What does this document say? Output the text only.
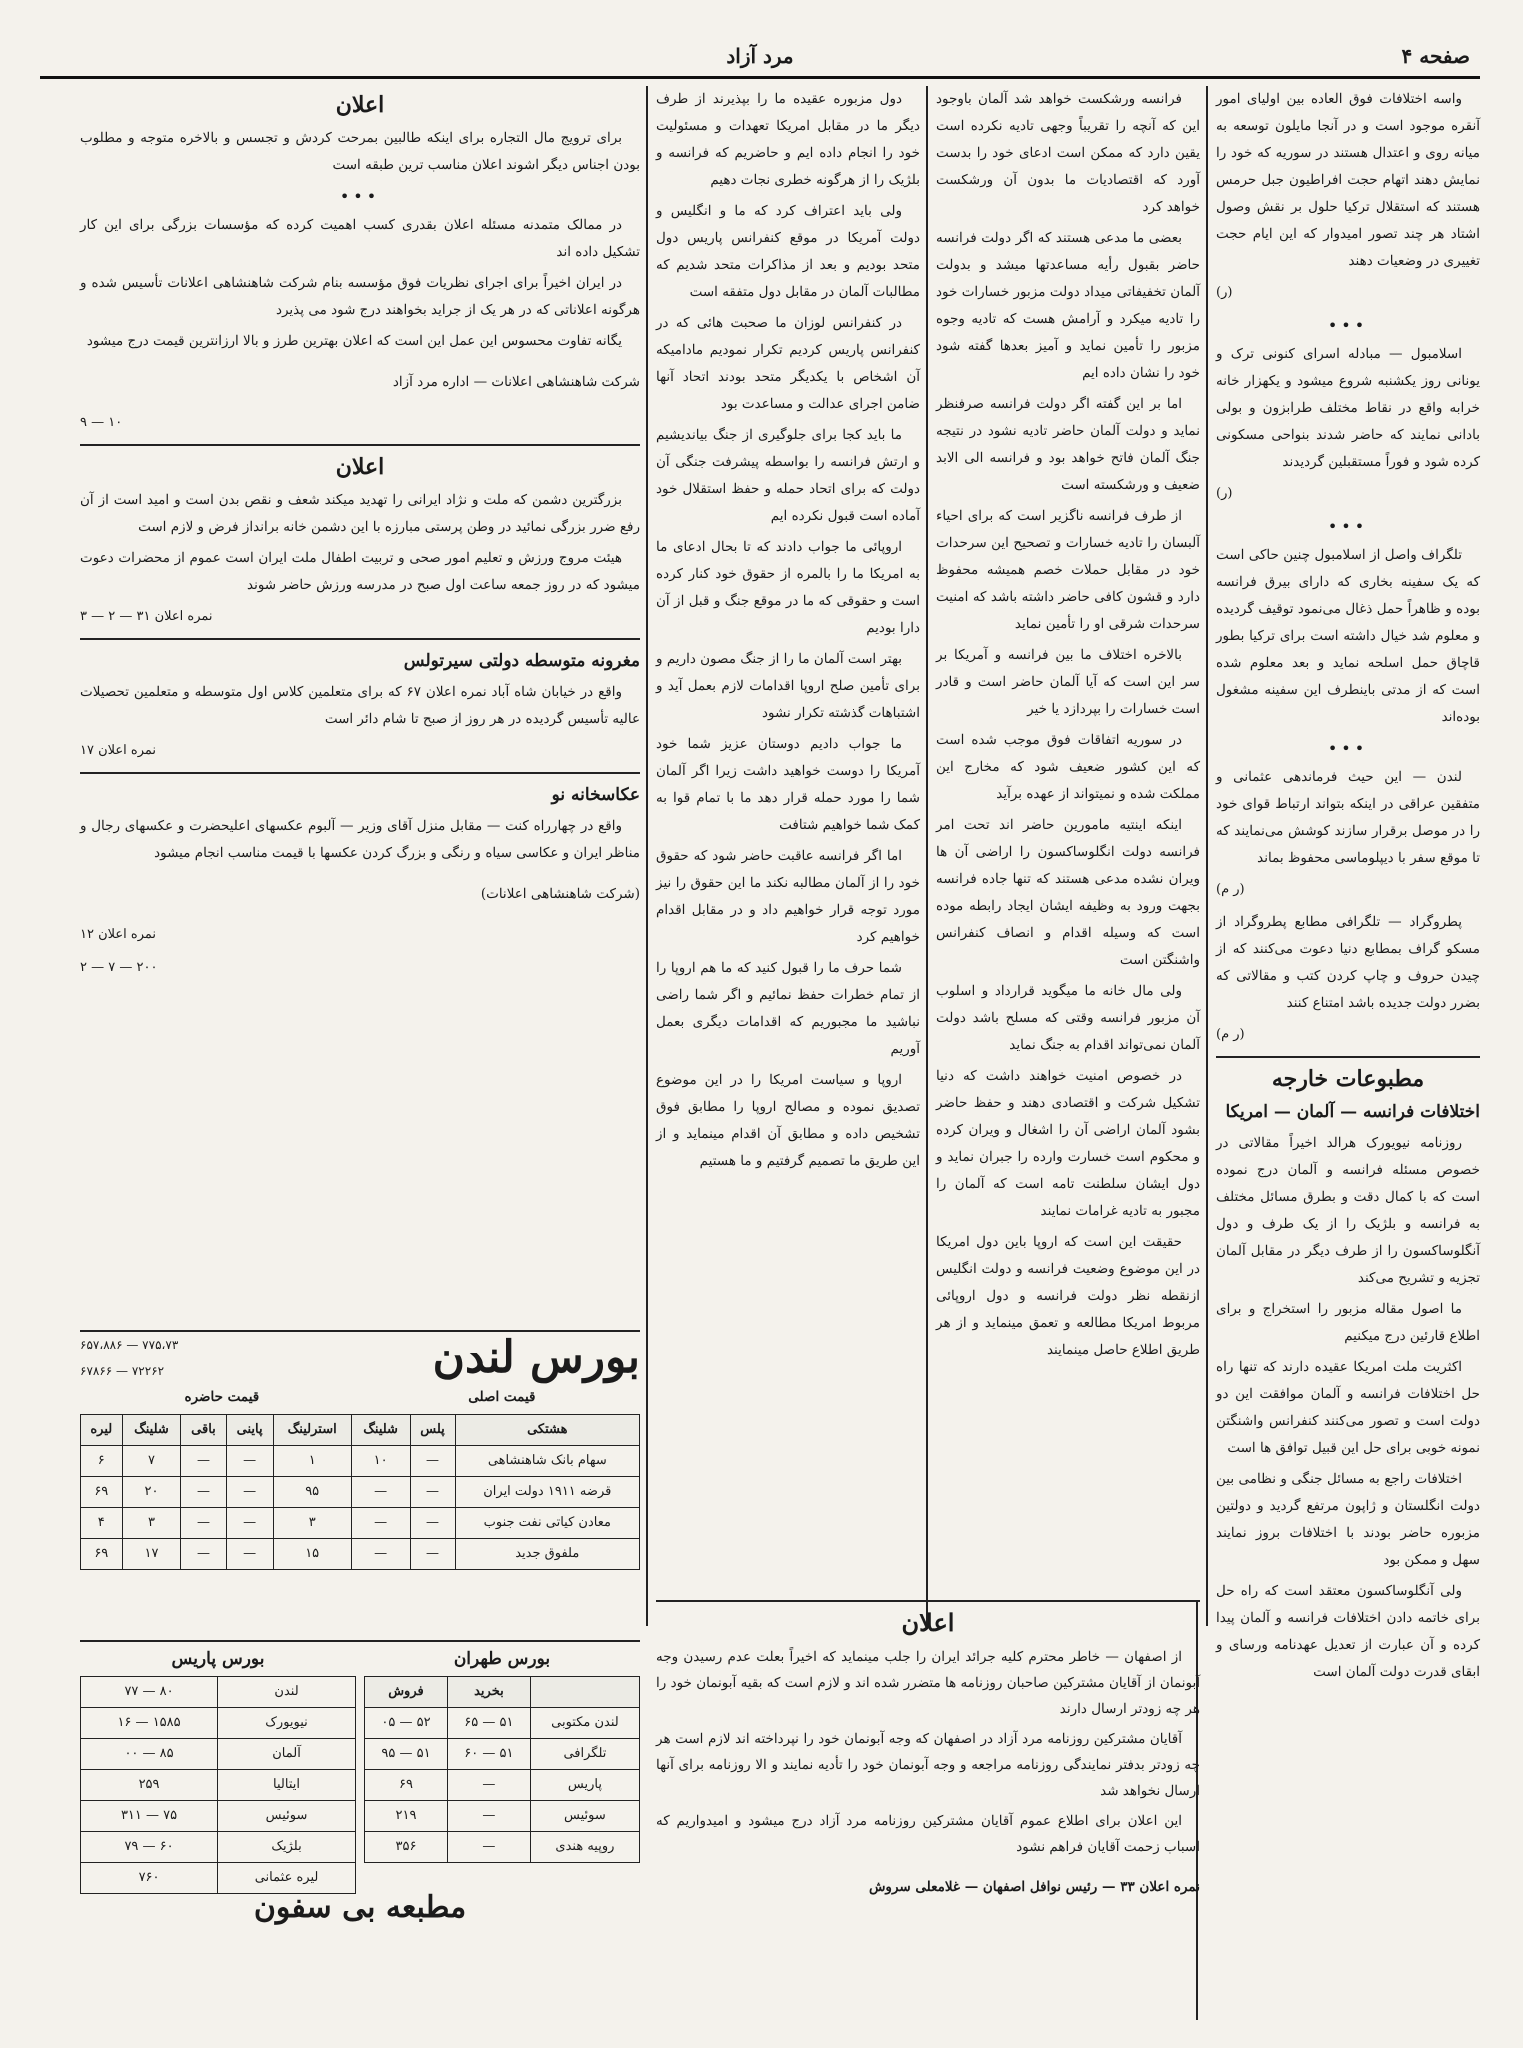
صفحه ۴
مرد آزاد

واسه اختلافات فوق العاده بین اولیای امور آنقره موجود است و در آنجا مایلون توسعه به میانه روی و اعتدال هستند در سوریه که خود را نمایش دهند اتهام حجت افراطیون جبل حرمس هستند که استقلال ترکیا حلول بر نقش وصول اشتاد هر چند تصور امیدوار که این ایام حجت تغییری در وضعیات دهند

(ر)

•••

اسلامبول — مبادله اسرای کنونی ترک و یونانی روز یکشنبه شروع میشود و یکهزار خانه خرابه واقع در نقاط مختلف طرابزون و بولی بادانی نمایند که حاضر شدند بنواحی مسکونی کرده شود و فوراً مستقبلین گردیدند

(ر)

•••

تلگراف واصل از اسلامبول چنین حاکی است که یک سفینه بخاری که دارای بیرق فرانسه بوده و ظاهراً حمل ذغال می‌نمود توقیف گردیده و معلوم شد خیال داشته است برای ترکیا بطور قاچاق حمل اسلحه نماید و بعد معلوم شده است که از مدتی باینطرف این سفینه مشغول بوده‌اند

•••

لندن — این حیث فرماندهی عثمانی و متفقین عراقی در اینکه بتواند ارتباط قوای خود را در موصل برقرار سازند کوشش می‌نمایند که تا موقع سفر با دیپلوماسی محفوظ بماند

(ر م)

پطروگراد — تلگرافی مطابع پطروگراد از مسکو گراف بمطابع دنیا دعوت می‌کنند که از چیدن حروف و چاپ کردن کتب و مقالاتی که بضرر دولت جدیده باشد امتناع کنند

(ر م)

مطبوعات خارجه
اختلافات فرانسه — آلمان — امریکا

روزنامه نیویورک هرالد اخیراً مقالاتی در خصوص مسئله فرانسه و آلمان درج نموده است که با کمال دقت و بطرق مسائل مختلف به فرانسه و بلژیک را از یک طرف و دول آنگلوساکسون را از طرف دیگر در مقابل آلمان تجزیه و تشریح می‌کند

ما اصول مقاله مزبور را استخراج و برای اطلاع قارئین درج میکنیم

اکثریت ملت امریکا عقیده دارند که تنها راه حل اختلافات فرانسه و آلمان موافقت این دو دولت است و تصور می‌کنند کنفرانس واشنگتن نمونه خوبی برای حل این قبیل توافق ها است

اختلافات راجع به مسائل جنگی و نظامی بین دولت انگلستان و ژاپون مرتفع گردید و دولتین مزبوره حاضر بودند با اختلافات بروز نمایند سهل و ممکن بود

ولی آنگلوساکسون معتقد است که راه حل برای خاتمه دادن اختلافات فرانسه و آلمان پیدا کرده و آن عبارت از تعدیل عهدنامه ورسای و ابقای قدرت دولت آلمان است

فرانسه ورشکست خواهد شد آلمان باوجود این که آنچه را تقریباً وجهی تادیه نکرده است یقین دارد که ممکن است ادعای خود را بدست آورد که اقتصادیات ما بدون آن ورشکست خواهد کرد

بعضی ما مدعی هستند که اگر دولت فرانسه حاضر بقبول رأیه مساعدتها میشد و بدولت آلمان تخفیفاتی میداد دولت مزبور خسارات خود را تادیه میکرد و آرامش هست که تادیه وجوه مزبور را تأمین نماید و آمیز بعدها گفته شود خود را نشان داده ایم

اما بر این گفته اگر دولت فرانسه صرفنظر نماید و دولت آلمان حاضر تادیه نشود در نتیجه جنگ آلمان فاتح خواهد بود و فرانسه الی الابد ضعیف و ورشکسته است

از طرف فرانسه ناگزیر است که برای احیاء آلبسان را تادیه خسارات و تصحیح این سرحدات خود در مقابل حملات خصم همیشه محفوظ دارد و قشون کافی حاضر داشته باشد که امنیت سرحدات شرقی او را تأمین نماید

بالاخره اختلاف ما بین فرانسه و آمریکا بر سر این است که آیا آلمان حاضر است و قادر است خسارات را بپردازد یا خیر

در سوریه اتفاقات فوق موجب شده است که این کشور ضعیف شود که مخارج این مملکت شده و نمیتواند از عهده برآید

اینکه اینتیه مامورین حاضر اند تحت امر فرانسه دولت انگلوساکسون را اراضی آن ها ویران نشده مدعی هستند که تنها جاده فرانسه بجهت ورود به وظیفه ایشان ایجاد رابطه موده است که وسیله اقدام و انصاف کنفرانس واشنگتن است

ولی مال خانه ما میگوید قرارداد و اسلوب آن مزبور فرانسه وقتی که مسلح باشد دولت آلمان نمی‌تواند اقدام به جنگ نماید

در خصوص امنیت خواهند داشت که دنیا تشکیل شرکت و اقتصادی دهند و حفظ حاضر بشود آلمان اراضی آن را اشغال و ویران کرده و محکوم است خسارت وارده را جبران نماید و دول ایشان سلطنت تامه است که آلمان را مجبور به تادیه غرامات نمایند

حقیقت این است که اروپا باین دول امریکا در این موضوع وضعیت فرانسه و دولت انگلیس ازنقطه نظر دولت فرانسه و دول اروپائی مربوط امریکا مطالعه و تعمق مینماید و از هر طریق اطلاع حاصل مینمایند

دول مزبوره عقیده ما را بپذیرند از طرف دیگر ما در مقابل امریکا تعهدات و مسئولیت خود را انجام داده ایم و حاضریم که فرانسه و بلژیک را از هرگونه خطری نجات دهیم

ولی باید اعتراف کرد که ما و انگلیس و دولت آمریکا در موقع کنفرانس پاریس دول متحد بودیم و بعد از مذاکرات متحد شدیم که مطالبات آلمان در مقابل دول متفقه است

در کنفرانس لوزان ما صحبت هائی که در کنفرانس پاریس کردیم تکرار نمودیم مادامیکه آن اشخاص با یکدیگر متحد بودند اتحاد آنها ضامن اجرای عدالت و مساعدت بود

ما باید کجا برای جلوگیری از جنگ بیاندیشیم و ارتش فرانسه را بواسطه پیشرفت جنگی آن دولت که برای اتحاد حمله و حفظ استقلال خود آماده است قبول نکرده ایم

اروپائی ما جواب دادند که تا بحال ادعای ما به امریکا ما را بالمره از حقوق خود کنار کرده است و حقوقی که ما در موقع جنگ و قبل از آن دارا بودیم

بهتر است آلمان ما را از جنگ مصون داریم و برای تأمین صلح اروپا اقدامات لازم بعمل آید و اشتباهات گذشته تکرار نشود

ما جواب دادیم دوستان عزیز شما خود آمریکا را دوست خواهید داشت زیرا اگر آلمان شما را مورد حمله قرار دهد ما با تمام قوا به کمک شما خواهیم شتافت

اما اگر فرانسه عاقبت حاضر شود که حقوق خود را از آلمان مطالبه نکند ما این حقوق را نیز مورد توجه قرار خواهیم داد و در مقابل اقدام خواهیم کرد

شما حرف ما را قبول کنید که ما هم اروپا را از تمام خطرات حفظ نمائیم و اگر شما راضی نباشید ما مجبوریم که اقدامات دیگری بعمل آوریم

اروپا و سیاست امریکا را در این موضوع تصدیق نموده و مصالح اروپا را مطابق فوق تشخیص داده و مطابق آن اقدام مینماید و از این طریق ما تصمیم گرفتیم و ما هستیم

اعلان

از اصفهان — خاطر محترم کلیه جرائد ایران را جلب مینماید که اخیراً بعلت عدم رسیدن وجه آبونمان از آقایان مشترکین صاحبان روزنامه ها متضرر شده اند و لازم است که بقیه آبونمان خود را هر چه زودتر ارسال دارند

آقایان مشترکین روزنامه مرد آزاد در اصفهان که وجه آبونمان خود را نپرداخته اند لازم است هر چه زودتر بدفتر نمایندگی روزنامه مراجعه و وجه آبونمان خود را تأدیه نمایند و الا روزنامه برای آنها ارسال نخواهد شد

این اعلان برای اطلاع عموم آقایان مشترکین روزنامه مرد آزاد درج میشود و امیدواریم که اسباب زحمت آقایان فراهم نشود

نمره اعلان ۳۳ — رئیس نوافل اصفهان — غلامعلی سروش

اعلان

برای ترویج مال التجاره برای اینکه طالبین بمرحت کردش و تجسس و بالاخره متوجه و مطلوب بودن اجناس دیگر اشوند اعلان مناسب ترین طبقه است

•••

در ممالک متمدنه مسئله اعلان بقدری کسب اهمیت کرده که مؤسسات بزرگی برای این کار تشکیل داده اند

در ایران اخیراً برای اجرای نظریات فوق مؤسسه بنام شرکت شاهنشاهی اعلانات تأسیس شده و هرگونه اعلاناتی که در هر یک از جراید بخواهند درج شود می پذیرد

یگانه تفاوت محسوس این عمل این است که اعلان بهترین طرز و بالا ارزانترین قیمت درج میشود

شرکت شاهنشاهی اعلانات — اداره مرد آزاد

۱۰ — ۹

اعلان

بزرگترین دشمن که ملت و نژاد ایرانی را تهدید میکند شعف و نقص بدن است و امید است از آن رفع ضرر بزرگی نمائید در وطن پرستی مبارزه با این دشمن خانه برانداز فرض و لازم است

هیئت مروج ورزش و تعلیم امور صحی و تربیت اطفال ملت ایران است عموم از محضرات دعوت میشود که در روز جمعه ساعت اول صبح در مدرسه ورزش حاضر شوند

نمره اعلان ۳۱ — ۲ — ۳

مغرونه متوسطه دولتی سیرتولس

واقع در خیابان شاه آباد نمره اعلان ۶۷ که برای متعلمین کلاس اول متوسطه و متعلمین تحصیلات عالیه تأسیس گردیده در هر روز از صبح تا شام دائر است

نمره اعلان ۱۷

عکاسخانه نو

واقع در چهارراه کنت — مقابل منزل آقای وزیر — آلبوم عکسهای اعلیحضرت و عکسهای رجال و مناظر ایران و عکاسی سیاه و رنگی و بزرگ کردن عکسها با قیمت مناسب انجام میشود

(شرکت شاهنشاهی اعلانات)

نمره اعلان ۱۲

۲۰۰ — ۷ — ۲

بورس لندن
۶۵۷،۸۸۶ — ۷۷۵،۷۳
۶۷۸۶۶ — ۷۲۲۶۲
قیمت اصلی
قیمت حاضره
هشتکی	پلس	شلینگ	استرلینگ	پاینی	باقی	شلینگ	لیره
سهام بانک شاهنشاهی	—	۱۰	۱	—	—	۷	۶
قرضه ۱۹۱۱ دولت ایران	—	—	۹۵	—	—	۲۰	۶۹
معادن کیاتی نفت جنوب	—	—	۳	—	—	۳	۴
ملفوق جدید	—	—	۱۵	—	—	۱۷	۶۹
بورس طهران
	بخرید	فروش
لندن مکتوبی	۵۱ — ۶۵	۵۲ — ۰۵
تلگرافی	۵۱ — ۶۰	۵۱ — ۹۵
پاریس	—	۶۹
سوئیس	—	۲۱۹
روپیه هندی	—	۳۵۶
بورس پاریس
لندن	۸۰ — ۷۷
نیویورک	۱۵۸۵ — ۱۶
آلمان	۸۵ — ۰۰
ایتالیا	۲۵۹
سوئیس	۷۵ — ۳۱۱
بلژیک	۶۰ — ۷۹
لیره عثمانی	۷۶۰
مطبعه بی سفون
